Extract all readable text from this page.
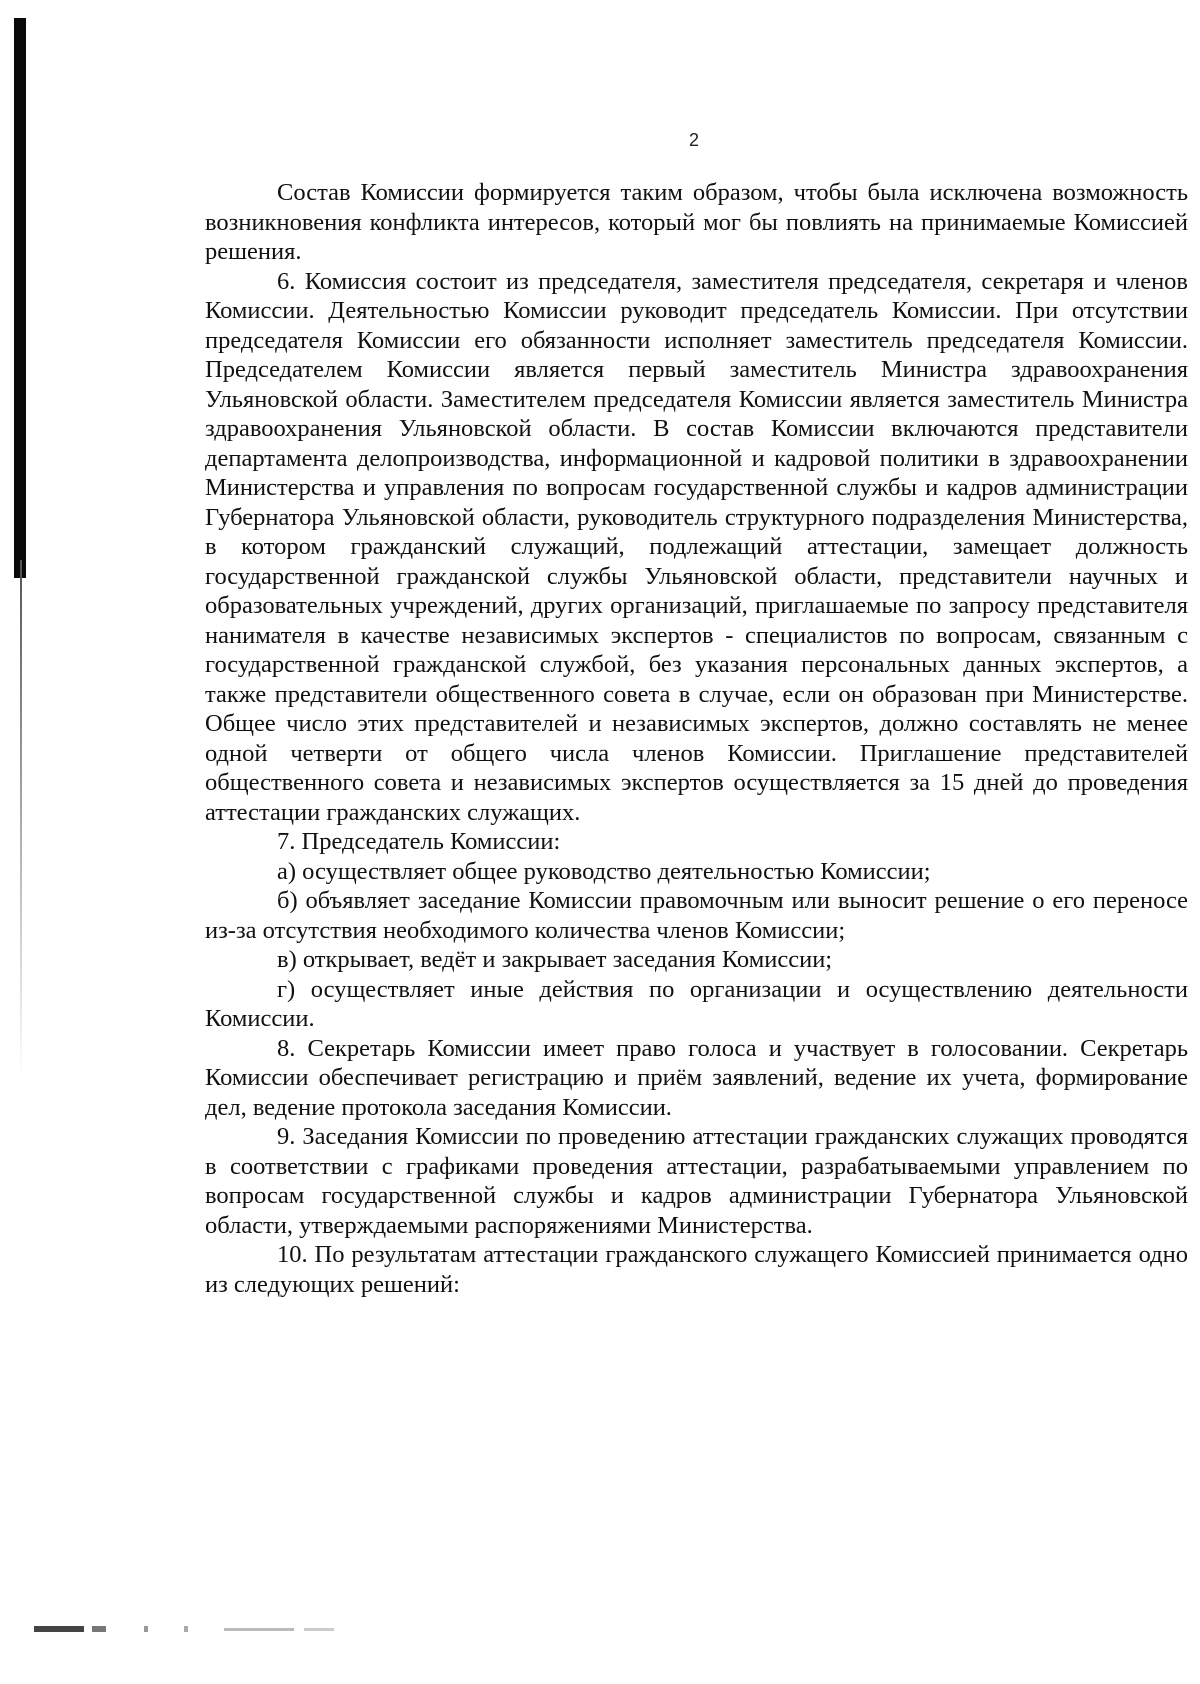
2

Состав Комиссии формируется таким образом, чтобы была исключена возможность возникновения конфликта интересов, который мог бы повлиять на принимаемые Комиссией решения.

6. Комиссия состоит из председателя, заместителя председателя, секретаря и членов Комиссии. Деятельностью Комиссии руководит председатель Комиссии. При отсутствии председателя Комиссии его обязанности исполняет заместитель председателя Комиссии. Председателем Комиссии является первый заместитель Министра здравоохранения Ульяновской области. Заместителем председателя Комиссии является заместитель Министра здравоохранения Ульяновской области. В состав Комиссии включаются представители департамента делопроизводства, информационной и кадровой политики в здравоохранении Министерства и управления по вопросам государственной службы и кадров администрации Губернатора Ульяновской области, руководитель структурного подразделения Министерства, в котором гражданский служащий, подлежащий аттестации, замещает должность государственной гражданской службы Ульяновской области, представители научных и образовательных учреждений, других организаций, приглашаемые по запросу представителя нанимателя в качестве независимых экспертов - специалистов по вопросам, связанным с государственной гражданской службой, без указания персональных данных экспертов, а также представители общественного совета в случае, если он образован при Министерстве. Общее число этих представителей и независимых экспертов, должно составлять не менее одной четверти от общего числа членов Комиссии. Приглашение представителей общественного совета и независимых экспертов осуществляется за 15 дней до проведения аттестации гражданских служащих.

7. Председатель Комиссии:

а) осуществляет общее руководство деятельностью Комиссии;

б) объявляет заседание Комиссии правомочным или выносит решение о его переносе из-за отсутствия необходимого количества членов Комиссии;

в) открывает, ведёт и закрывает заседания Комиссии;

г) осуществляет иные действия по организации и осуществлению деятельности Комиссии.

8. Секретарь Комиссии имеет право голоса и участвует в голосовании. Секретарь Комиссии обеспечивает регистрацию и приём заявлений, ведение их учета, формирование дел, ведение протокола заседания Комиссии.

9. Заседания Комиссии по проведению аттестации гражданских служащих проводятся в соответствии с графиками проведения аттестации, разрабатываемыми управлением по вопросам государственной службы и кадров администрации Губернатора Ульяновской области, утверждаемыми распоряжениями Министерства.

10. По результатам аттестации гражданского служащего Комиссией принимается одно из следующих решений:
